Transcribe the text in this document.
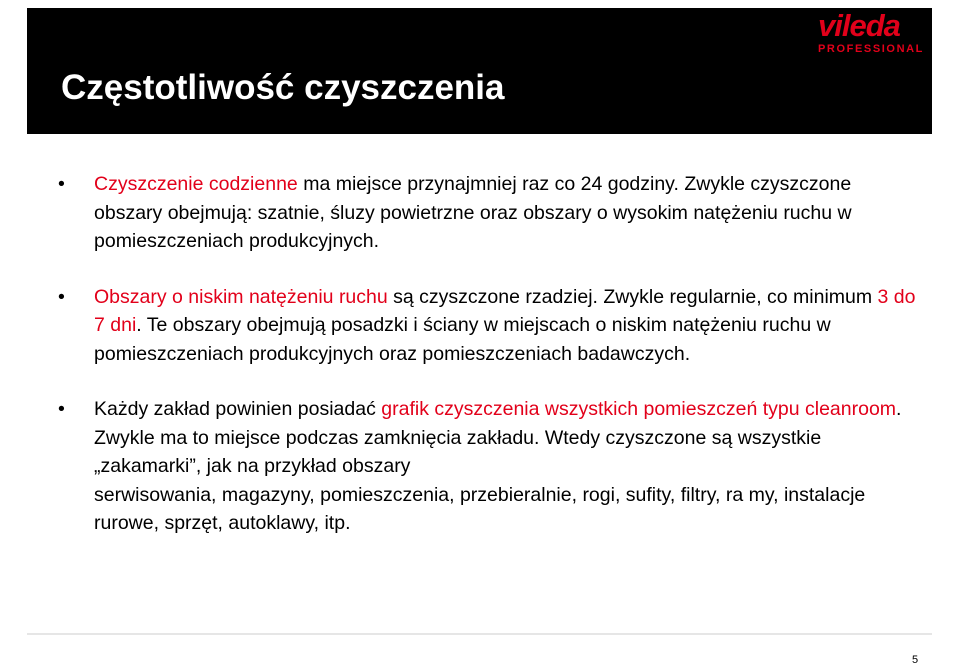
Częstotliwość czyszczenia
vileda
PROFESSIONAL
• Czyszczenie codzienne ma miejsce przynajmniej raz co 24 godziny. Zwykle czyszczone obszary obejmują: szatnie, śluzy powietrzne oraz obszary o wysokim natężeniu ruchu w pomieszczeniach produkcyjnych.
• Obszary o niskim natężeniu ruchu są czyszczone rzadziej. Zwykle regularnie, co minimum 3 do 7 dni. Te obszary obejmują posadzki i ściany w miejscach o niskim natężeniu ruchu w pomieszczeniach produkcyjnych oraz pomieszczeniach badawczych.
• Każdy zakład powinien posiadać grafik czyszczenia wszystkich pomieszczeń typu cleanroom. Zwykle ma to miejsce podczas zamknięcia zakładu. Wtedy czyszczone są wszystkie „zakamarki”, jak na przykład obszary
serwisowania, magazyny, pomieszczenia, przebieralnie, rogi, sufity, filtry, ra my, instalacje rurowe, sprzęt, autoklawy, itp.
5
